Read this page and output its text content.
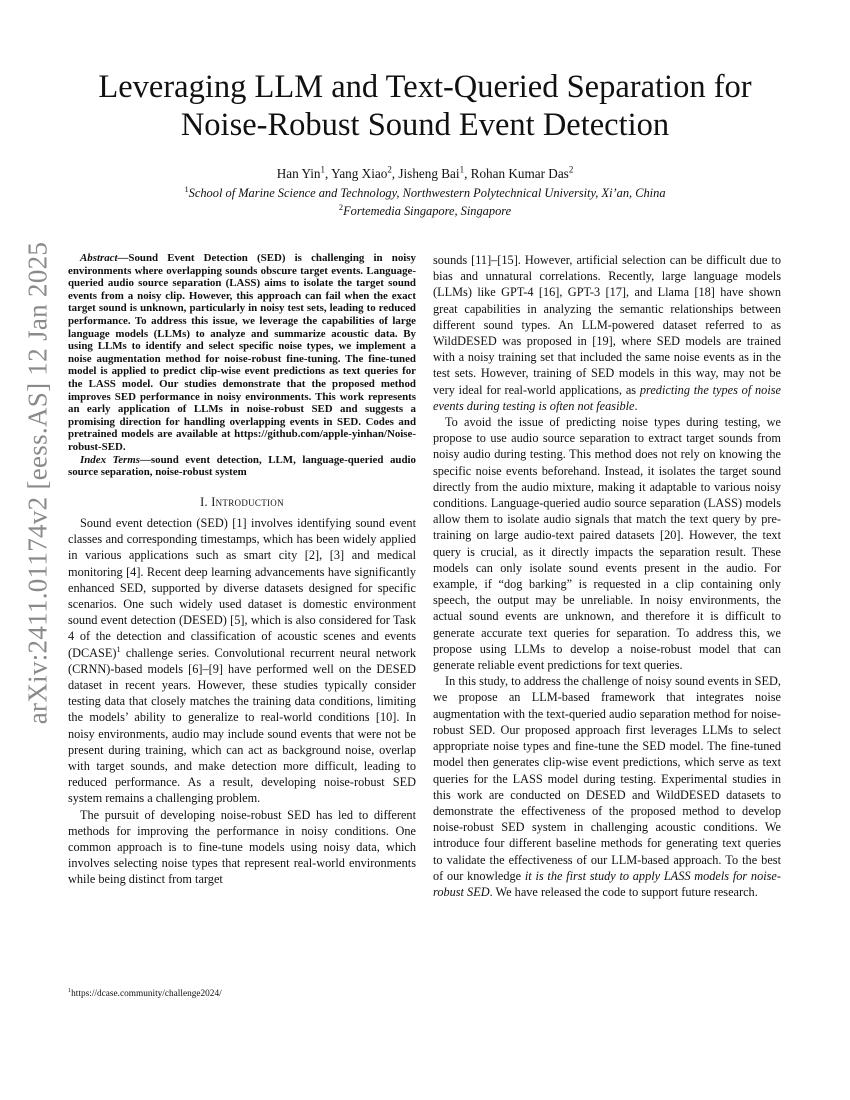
arXiv:2411.01174v2 [eess.AS] 12 Jan 2025
Leveraging LLM and Text-Queried Separation for
Noise-Robust Sound Event Detection
Han Yin$^1$, Yang Xiao$^2$, Jisheng Bai$^1$, Rohan Kumar Das$^2$
$^1$School of Marine Science and Technology, Northwestern Polytechnical University, Xi’an, China
$^2$Fortemedia Singapore, Singapore

Abstract—Sound Event Detection (SED) is challenging in noisy environments where overlapping sounds obscure target events. Language-queried audio source separation (LASS) aims to isolate the target sound events from a noisy clip. However, this approach can fail when the exact target sound is unknown, particularly in noisy test sets, leading to reduced performance. To address this issue, we leverage the capabilities of large language models (LLMs) to analyze and summarize acoustic data. By using LLMs to identify and select specific noise types, we implement a noise augmentation method for noise-robust fine-tuning. The fine-tuned model is applied to predict clip-wise event predictions as text queries for the LASS model. Our studies demonstrate that the proposed method improves SED performance in noisy environments. This work represents an early application of LLMs in noise-robust SED and suggests a promising direction for handling overlapping events in SED. Codes and pretrained models are available at https://github.com/apple-yinhan/Noise-robust-SED.

Index Terms—sound event detection, LLM, language-queried audio source separation, noise-robust system

I. Introduction

Sound event detection (SED) [1] involves identifying sound event classes and corresponding timestamps, which has been widely applied in various applications such as smart city [2], [3] and medical monitoring [4]. Recent deep learning advancements have significantly enhanced SED, supported by diverse datasets designed for specific scenarios. One such widely used dataset is domestic environment sound event detection (DESED) [5], which is also considered for Task 4 of the detection and classification of acoustic scenes and events (DCASE)$^1$ challenge series. Convolutional recurrent neural network (CRNN)-based models [6]–[9] have performed well on the DESED dataset in recent years. However, these studies typically consider testing data that closely matches the training data conditions, limiting the models’ ability to generalize to real-world conditions [10]. In noisy environments, audio may include sound events that were not be present during training, which can act as background noise, overlap with target sounds, and make detection more difficult, leading to reduced performance. As a result, developing noise-robust SED system remains a challenging problem.

The pursuit of developing noise-robust SED has led to different methods for improving the performance in noisy conditions. One common approach is to fine-tune models using noisy data, which involves selecting noise types that represent real-world environments while being distinct from target

$^1$https://dcase.community/challenge2024/

sounds [11]–[15]. However, artificial selection can be difficult due to bias and unnatural correlations. Recently, large language models (LLMs) like GPT-4 [16], GPT-3 [17], and Llama [18] have shown great capabilities in analyzing the semantic relationships between different sound types. An LLM-powered dataset referred to as WildDESED was proposed in [19], where SED models are trained with a noisy training set that included the same noise events as in the test sets. However, training of SED models in this way, may not be very ideal for real-world applications, as predicting the types of noise events during testing is often not feasible.

To avoid the issue of predicting noise types during testing, we propose to use audio source separation to extract target sounds from noisy audio during testing. This method does not rely on knowing the specific noise events beforehand. Instead, it isolates the target sound directly from the audio mixture, making it adaptable to various noisy conditions. Language-queried audio source separation (LASS) models allow them to isolate audio signals that match the text query by pre-training on large audio-text paired datasets [20]. However, the text query is crucial, as it directly impacts the separation result. These models can only isolate sound events present in the audio. For example, if “dog barking” is requested in a clip containing only speech, the output may be unreliable. In noisy environments, the actual sound events are unknown, and therefore it is difficult to generate accurate text queries for separation. To address this, we propose using LLMs to develop a noise-robust model that can generate reliable event predictions for text queries.

In this study, to address the challenge of noisy sound events in SED, we propose an LLM-based framework that integrates noise augmentation with the text-queried audio separation method for noise-robust SED. Our proposed approach first leverages LLMs to select appropriate noise types and fine-tune the SED model. The fine-tuned model then generates clip-wise event predictions, which serve as text queries for the LASS model during testing. Experimental studies in this work are conducted on DESED and WildDESED datasets to demonstrate the effectiveness of the proposed method to develop noise-robust SED system in challenging acoustic conditions. We introduce four different baseline methods for generating text queries to validate the effectiveness of our LLM-based approach. To the best of our knowledge it is the first study to apply LASS models for noise-robust SED. We have released the code to support future research.
